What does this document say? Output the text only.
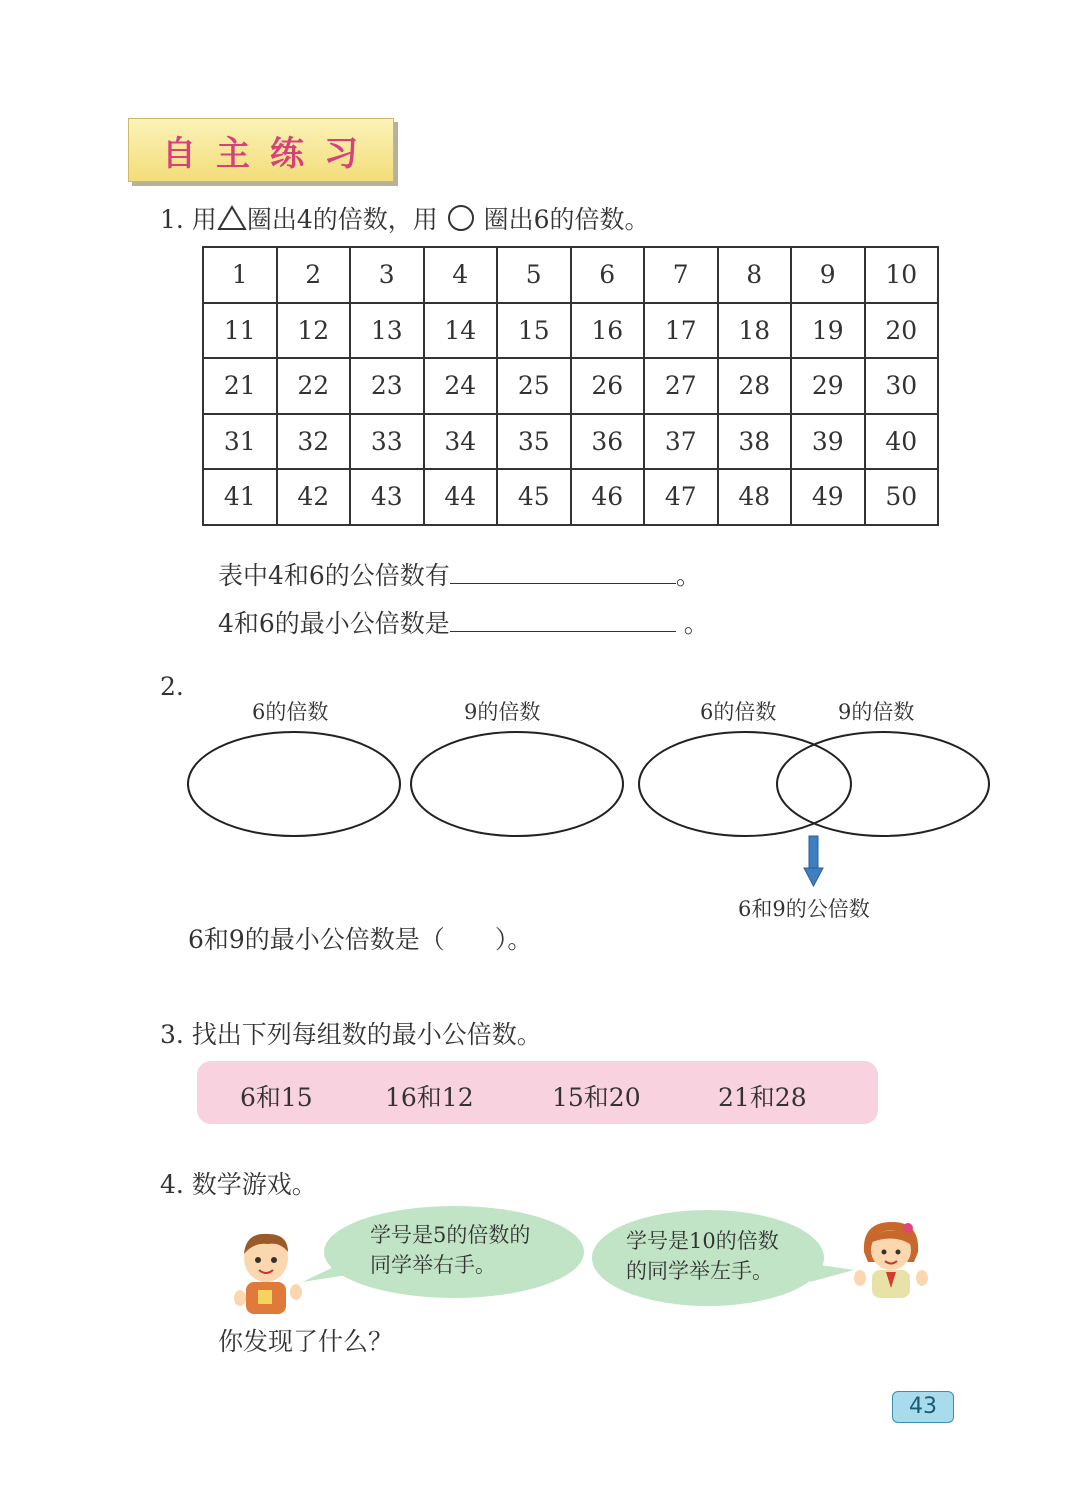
自主练习
1. 用 圈出4的倍数，用 圈出6的倍数。
1	2	3	4	5	6	7	8	9	10
11	12	13	14	15	16	17	18	19	20
21	22	23	24	25	26	27	28	29	30
31	32	33	34	35	36	37	38	39	40
41	42	43	44	45	46	47	48	49	50
表中4和6的公倍数有	。
4和6的最小公倍数是	。
2.
6的倍数	9的倍数	6的倍数	9的倍数
6和9的公倍数
6和9的最小公倍数是（　　）。
3. 找出下列每组数的最小公倍数。
6和15	16和12	15和20	21和28
4. 数学游戏。
学号是5的倍数的
同学举右手。
学号是10的倍数
的同学举左手。
你发现了什么？
43
